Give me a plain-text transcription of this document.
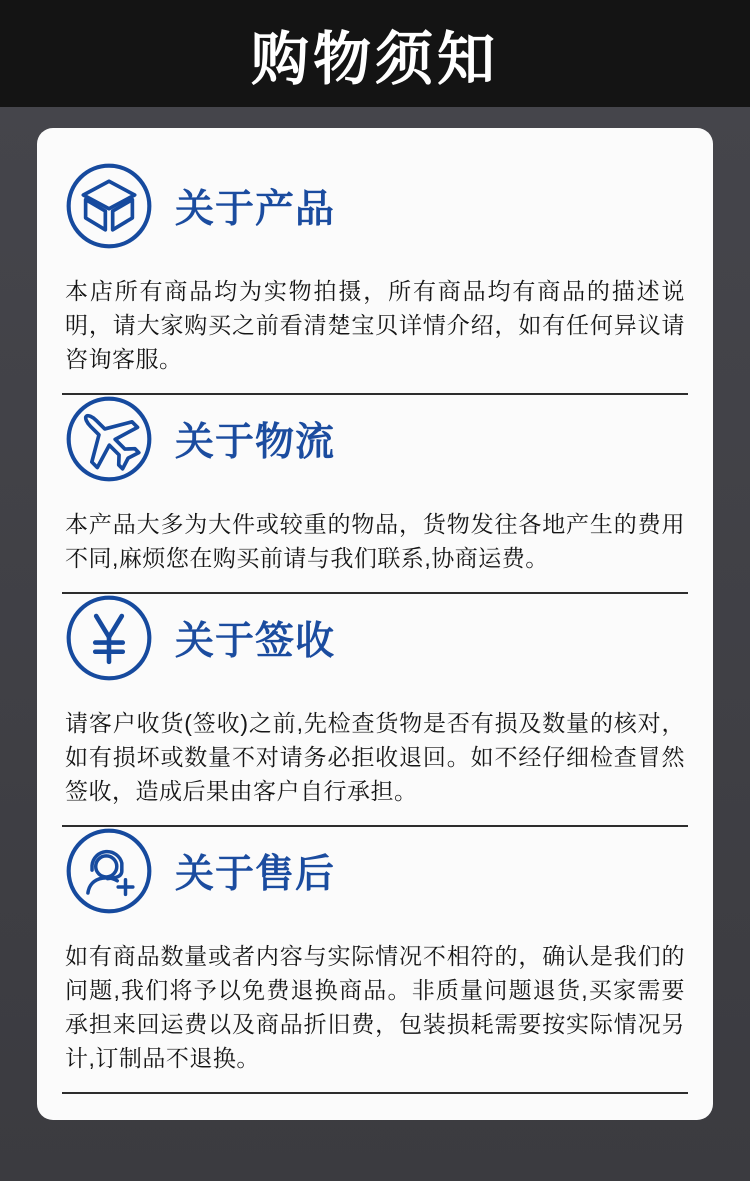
购物须知
关于产品
本店所有商品均为实物拍摄，所有商品均有商品的描述说明，请大家购买之前看清楚宝贝详情介绍，如有任何异议请咨询客服。
关于物流
本产品大多为大件或较重的物品，货物发往各地产生的费用不同,麻烦您在购买前请与我们联系,协商运费。
关于签收
请客户收货(签收)之前,先检查货物是否有损及数量的核对，如有损坏或数量不对请务必拒收退回。如不经仔细检查冒然签收，造成后果由客户自行承担。
关于售后
如有商品数量或者内容与实际情况不相符的，确认是我们的问题,我们将予以免费退换商品。非质量问题退货,买家需要承担来回运费以及商品折旧费，包装损耗需要按实际情况另计,订制品不退换。
